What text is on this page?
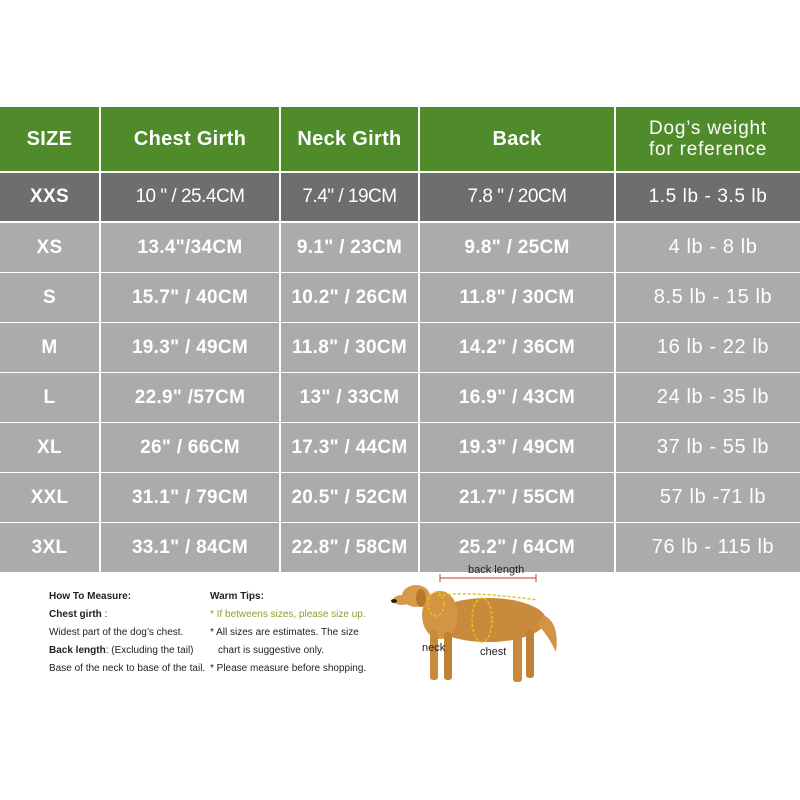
SIZE	Chest Girth	Neck Girth	Back	Dog’s weight
for reference
XXS	10 " / 25.4CM	7.4" / 19CM	7.8 " / 20CM	1.5 lb - 3.5 lb
XS	13.4"/34CM	9.1" / 23CM	9.8" / 25CM	4 lb - 8 lb
S	15.7" / 40CM	10.2" / 26CM	11.8" / 30CM	8.5 lb - 15 lb
M	19.3" / 49CM	11.8" / 30CM	14.2" / 36CM	16 lb - 22 lb
L	22.9" /57CM	13" / 33CM	16.9" / 43CM	24 lb - 35 lb
XL	26" / 66CM	17.3" / 44CM	19.3" / 49CM	37 lb - 55 lb
XXL	31.1" / 79CM	20.5" / 52CM	21.7" / 55CM	57 lb -71 lb
3XL	33.1" / 84CM	22.8" / 58CM	25.2" / 64CM	76 lb - 115 lb
How To Measure:
Chest girth :
Widest part of the dog’s chest.
Back length: (Excluding the tail)
Base of the neck to base of the tail.
Warm Tips:
* If betweens sizes, please size up.
* All sizes are estimates. The size
chart is suggestive only.
* Please measure before shopping.
back length
neck	chest
